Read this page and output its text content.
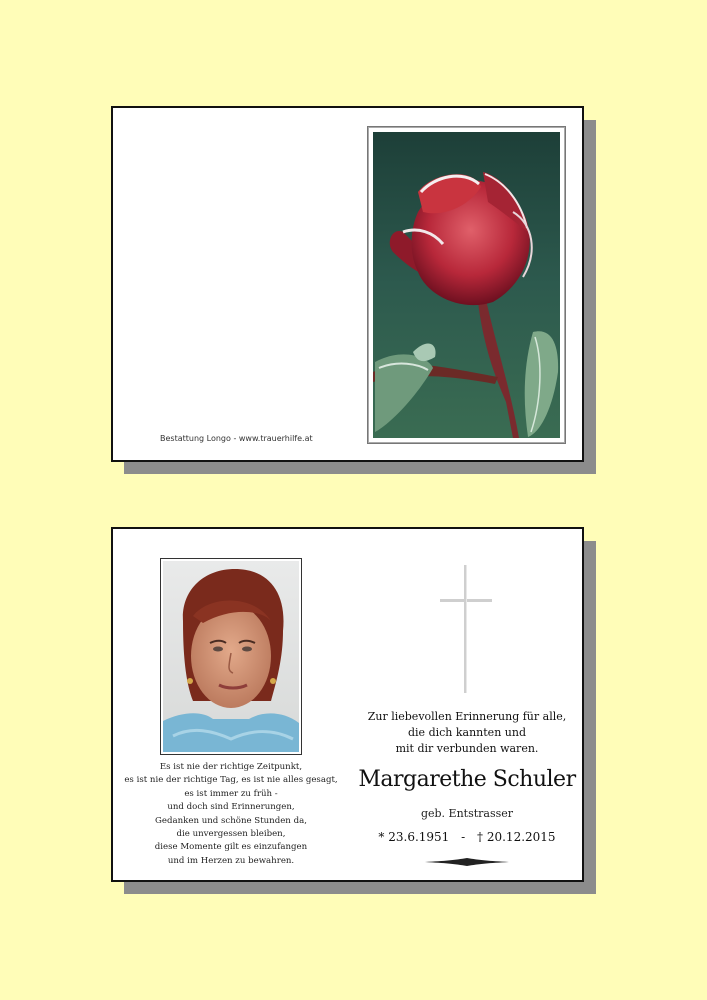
Bestattung Longo - www.trauerhilfe.at
Es ist nie der richtige Zeitpunkt,
es ist nie der richtige Tag, es ist nie alles gesagt,
es ist immer zu früh -
und doch sind Erinnerungen,
Gedanken und schöne Stunden da,
die unvergessen bleiben,
diese Momente gilt es einzufangen
und im Herzen zu bewahren.
Zur liebevollen Erinnerung für alle,
die dich kannten und
mit dir verbunden waren.
Margarethe Schuler
geb. Entstrasser
* 23.6.1951 - † 20.12.2015
